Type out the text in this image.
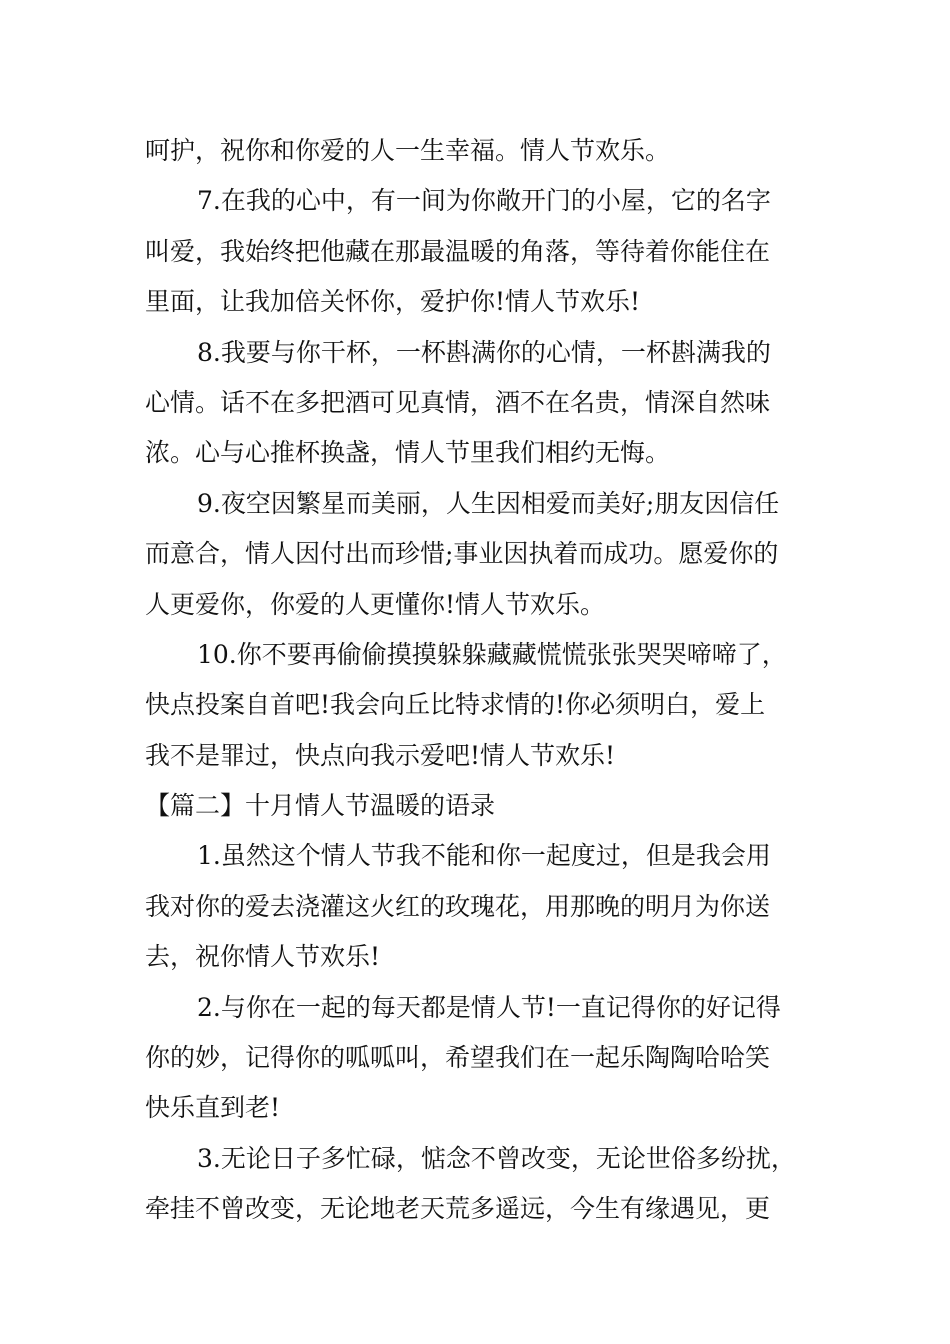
呵护，祝你和你爱的人一生幸福。情人节欢乐。
7.在我的心中，有一间为你敞开门的小屋，它的名字
叫爱，我始终把他藏在那最温暖的角落，等待着你能住在
里面，让我加倍关怀你，爱护你!情人节欢乐!
8.我要与你干杯，一杯斟满你的心情，一杯斟满我的
心情。话不在多把酒可见真情，酒不在名贵，情深自然味
浓。心与心推杯换盏，情人节里我们相约无悔。
9.夜空因繁星而美丽，人生因相爱而美好;朋友因信任
而意合，情人因付出而珍惜;事业因执着而成功。愿爱你的
人更爱你，你爱的人更懂你!情人节欢乐。
10.你不要再偷偷摸摸躲躲藏藏慌慌张张哭哭啼啼了，
快点投案自首吧!我会向丘比特求情的!你必须明白，爱上
我不是罪过，快点向我示爱吧!情人节欢乐!
【篇二】十月情人节温暖的语录
1.虽然这个情人节我不能和你一起度过，但是我会用
我对你的爱去浇灌这火红的玫瑰花，用那晚的明月为你送
去，祝你情人节欢乐!
2.与你在一起的每天都是情人节!一直记得你的好记得
你的妙，记得你的呱呱叫，希望我们在一起乐陶陶哈哈笑
快乐直到老!
3.无论日子多忙碌，惦念不曾改变，无论世俗多纷扰，
牵挂不曾改变，无论地老天荒多遥远，今生有缘遇见，更
